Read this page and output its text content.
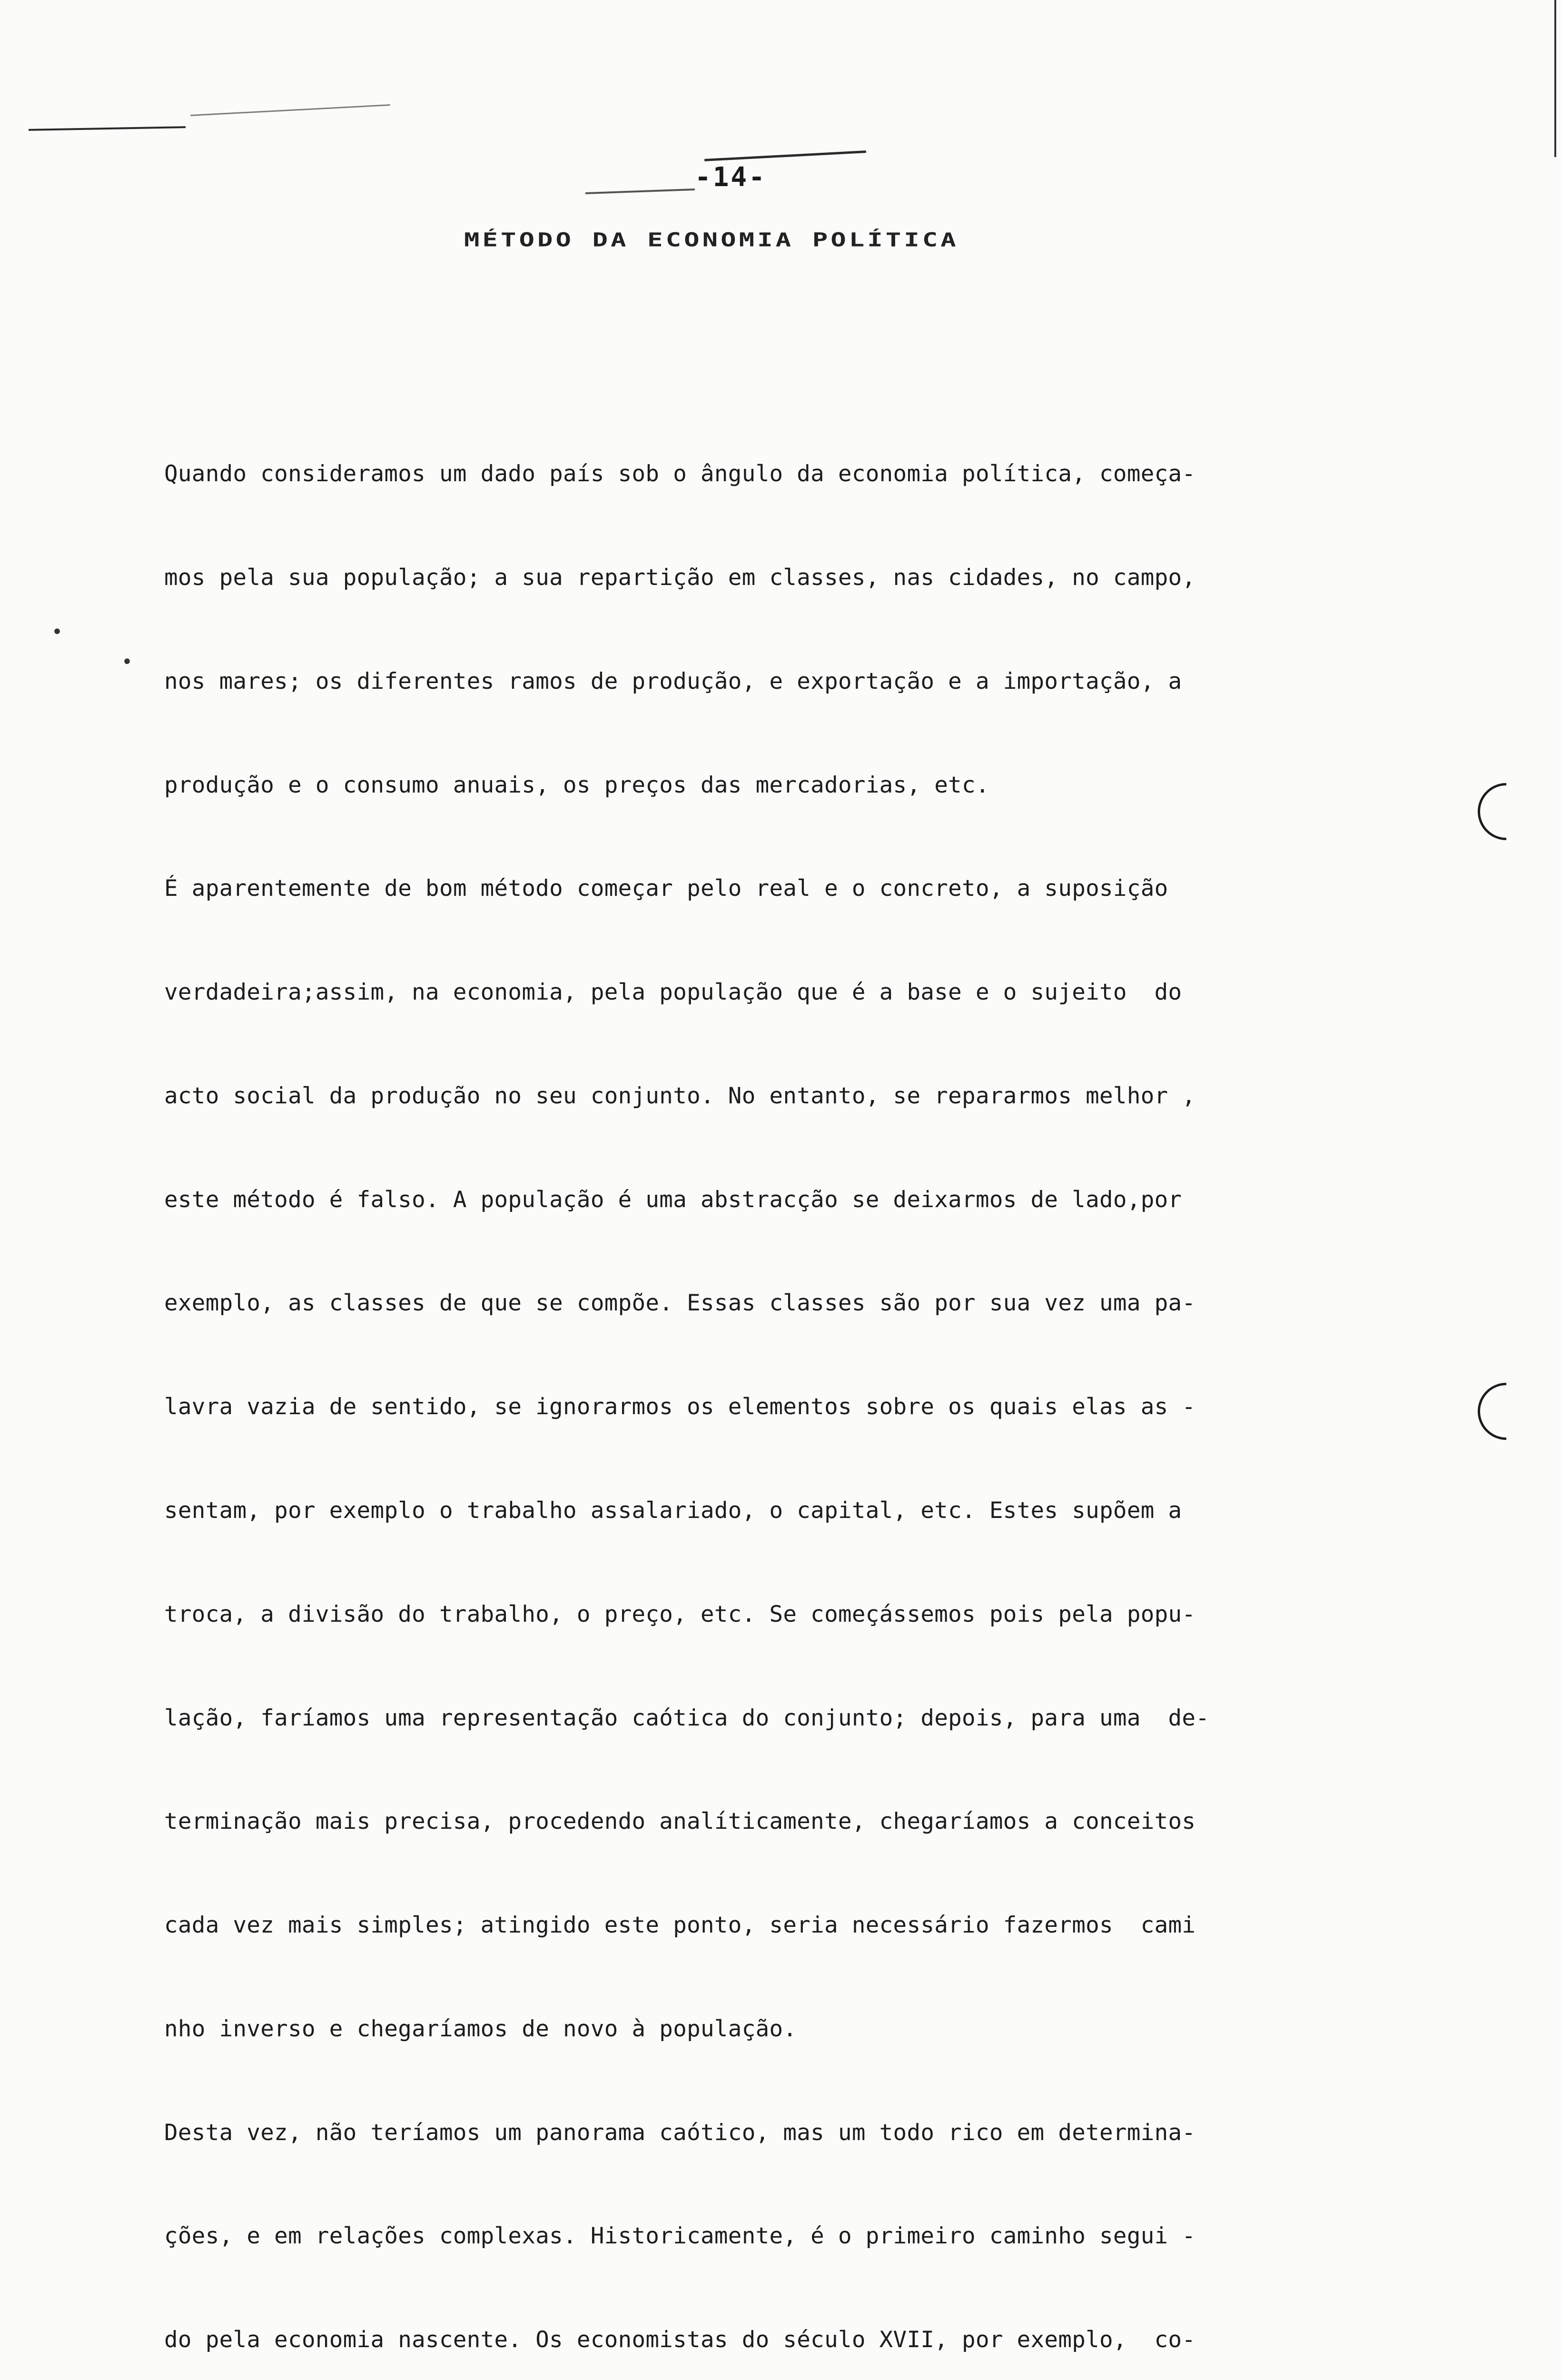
-14-
MÉTODO DA ECONOMIA POLÍTICA
•
•

Quando consideramos um dado país sob o ângulo da economia política, começa-

mos pela sua população; a sua repartição em classes, nas cidades, no campo,

nos mares; os diferentes ramos de produção, e exportação e a importação, a

produção e o consumo anuais, os preços das mercadorias, etc.

É aparentemente de bom método começar pelo real e o concreto, a suposição

verdadeira;assim, na economia, pela população que é a base e o sujeito  do

acto social da produção no seu conjunto. No entanto, se repararmos melhor ,

este método é falso. A população é uma abstracção se deixarmos de lado,por

exemplo, as classes de que se compõe. Essas classes são por sua vez uma pa-

lavra vazia de sentido, se ignorarmos os elementos sobre os quais elas as -

sentam, por exemplo o trabalho assalariado, o capital, etc. Estes supõem a

troca, a divisão do trabalho, o preço, etc. Se começássemos pois pela popu-

lação, faríamos uma representação caótica do conjunto; depois, para uma  de-

terminação mais precisa, procedendo analíticamente, chegaríamos a conceitos

cada vez mais simples; atingido este ponto, seria necessário fazermos  cami

nho inverso e chegaríamos de novo à população.

Desta vez, não teríamos um panorama caótico, mas um todo rico em determina-

ções, e em relações complexas. Historicamente, é o primeiro caminho segui -

do pela economia nascente. Os economistas do século XVII, por exemplo,  co-
